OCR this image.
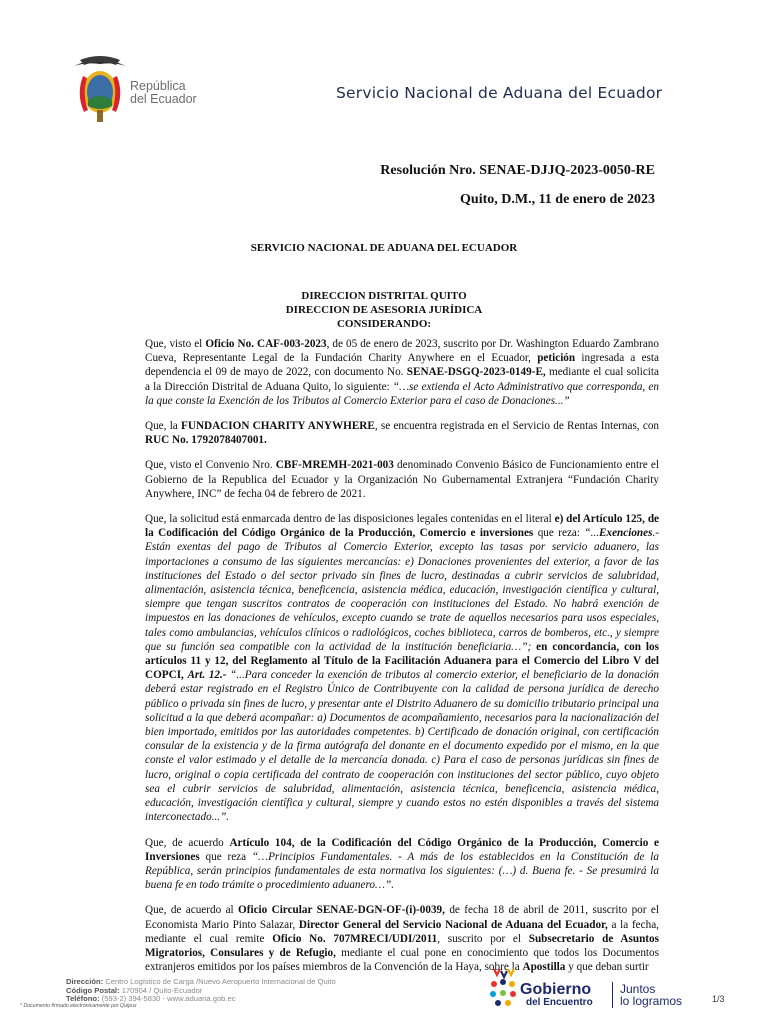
República
del Ecuador	Servicio Nacional de Aduana del Ecuador
Resolución Nro. SENAE-DJJQ-2023-0050-RE
Quito, D.M., 11 de enero de 2023
SERVICIO NACIONAL DE ADUANA DEL ECUADOR
DIRECCION DISTRITAL QUITO
DIRECCION DE ASESORIA JURÍDICA
CONSIDERANDO:

Que, visto el Oficio No. CAF-003-2023, de 05 de enero de 2023, suscrito por Dr. Washington Eduardo Zambrano Cueva, Representante Legal de la Fundación Charity Anywhere en el Ecuador, petición ingresada a esta dependencia el 09 de mayo de 2022, con documento No. SENAE-DSGQ-2023-0149-E, mediante el cual solicita a la Dirección Distrital de Aduana Quito, lo siguiente: “…se extienda el Acto Administrativo que corresponda, en la que conste la Exención de los Tributos al Comercio Exterior para el caso de Donaciones...”

Que, la FUNDACION CHARITY ANYWHERE, se encuentra registrada en el Servicio de Rentas Internas, con RUC No. 1792078407001.

Que, visto el Convenio Nro. CBF-MREMH-2021-003 denominado Convenio Básico de Funcionamiento entre el Gobierno de la Republica del Ecuador y la Organización No Gubernamental Extranjera “Fundación Charity Anywhere, INC” de fecha 04 de febrero de 2021.

Que, la solicitud está enmarcada dentro de las disposiciones legales contenidas en el literal e) del Artículo 125, de la Codificación del Código Orgánico de la Producción, Comercio e inversiones que reza: “...Exenciones.- Están exentas del pago de Tributos al Comercio Exterior, excepto las tasas por servicio aduanero, las importaciones a consumo de las siguientes mercancías: e) Donaciones provenientes del exterior, a favor de las instituciones del Estado o del sector privado sin fines de lucro, destinadas a cubrir servicios de salubridad, alimentación, asistencia técnica, beneficencia, asistencia médica, educación, investigación científica y cultural, siempre que tengan suscritos contratos de cooperación con instituciones del Estado. No habrá exención de impuestos en las donaciones de vehículos, excepto cuando se trate de aquellos necesarios para usos especiales, tales como ambulancias, vehículos clínicos o radiológicos, coches biblioteca, carros de bomberos, etc., y siempre que su función sea compatible con la actividad de la institución beneficiaria…”; en concordancia, con los artículos 11 y 12, del Reglamento al Título de la Facilitación Aduanera para el Comercio del Libro V del COPCI, Art. 12.- “...Para conceder la exención de tributos al comercio exterior, el beneficiario de la donación deberá estar registrado en el Registro Único de Contribuyente con la calidad de persona jurídica de derecho público o privada sin fines de lucro, y presentar ante el Distrito Aduanero de su domicilio tributario principal una solicitud a la que deberá acompañar: a) Documentos de acompañamiento, necesarios para la nacionalización del bien importado, emitidos por las autoridades competentes. b) Certificado de donación original, con certificación consular de la existencia y de la firma autógrafa del donante en el documento expedido por el mismo, en la que conste el valor estimado y el detalle de la mercancía donada. c) Para el caso de personas jurídicas sin fines de lucro, original o copia certificada del contrato de cooperación con instituciones del sector público, cuyo objeto sea el cubrir servicios de salubridad, alimentación, asistencia técnica, beneficencia, asistencia médica, educación, investigación científica y cultural, siempre y cuando estos no estén disponibles a través del sistema interconectado...”.

Que, de acuerdo Artículo 104, de la Codificación del Código Orgánico de la Producción, Comercio e Inversiones que reza “…Principios Fundamentales. - A más de los establecidos en la Constitución de la República, serán principios fundamentales de esta normativa los siguientes: (…) d. Buena fe. - Se presumirá la buena fe en todo trámite o procedimiento aduanero…”.

Que, de acuerdo al Oficio Circular SENAE-DGN-OF-(i)-0039, de fecha 18 de abril de 2011, suscrito por el Economista Mario Pinto Salazar, Director General del Servicio Nacional de Aduana del Ecuador, a la fecha, mediante el cual remite Oficio No. 707MRECI/UDI/2011, suscrito por el Subsecretario de Asuntos Migratorios, Consulares y de Refugio, mediante el cual pone en conocimiento que todos los Documentos extranjeros emitidos por los países miembros de la Convención de la Haya, sobre la Apostilla y que deban surtir

Dirección: Centro Logístico de Carga /Nuevo Aeropuerto Internacional de Quito
Código Postal: 170904 / Quito-Ecuador
Teléfono: (593-2) 394-5830 - www.aduana.gob.ec
* Documento firmado electrónicamente por Quipux
Gobierno
del Encuentro
Juntos
lo logramos	1/3
